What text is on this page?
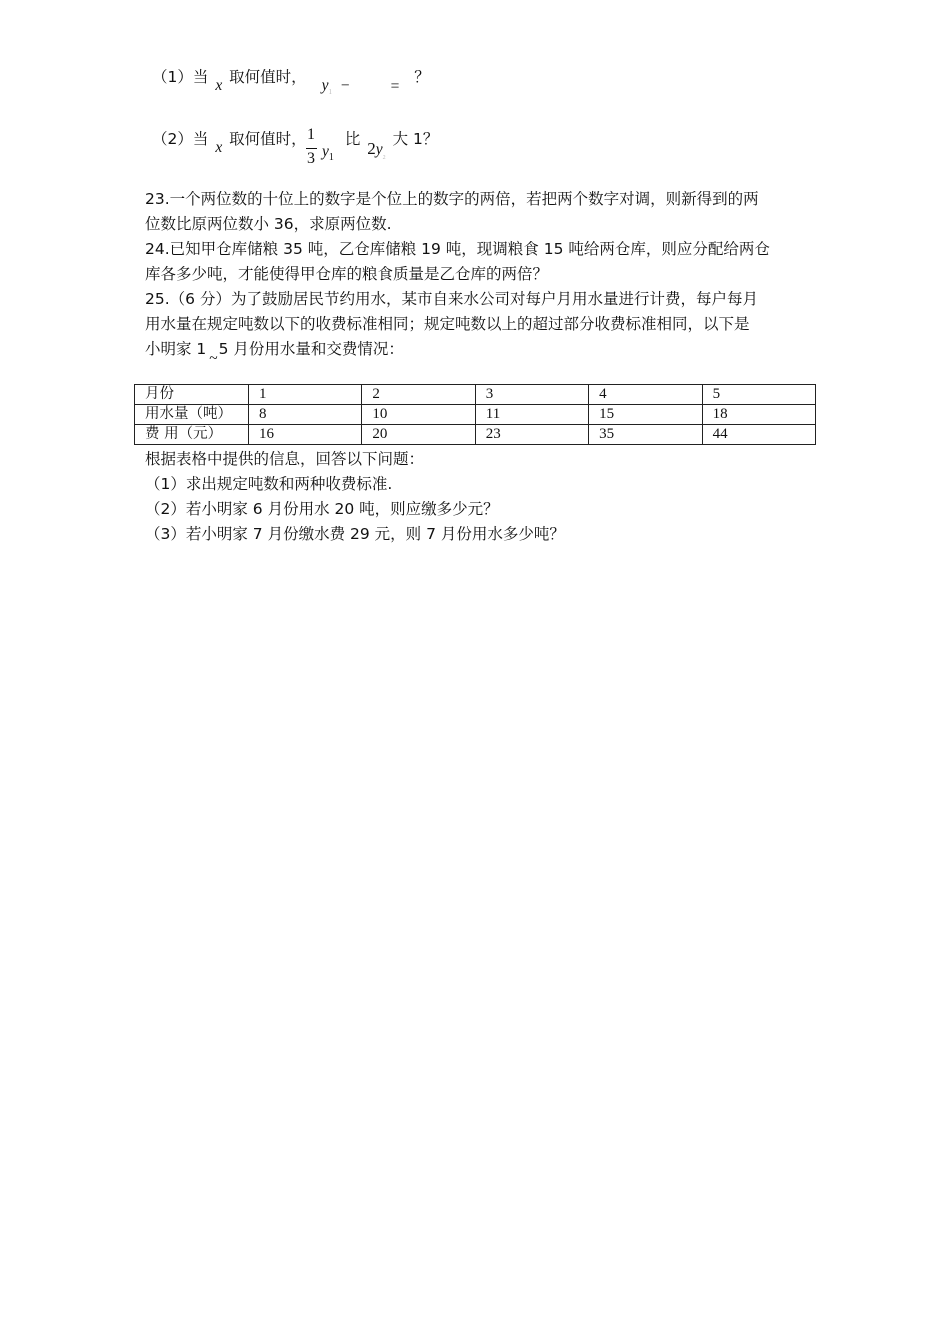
（1）当 x 取何值时， $y_1$ −	= ？
（2）当 x 取何值时， 1
3 $y_1$ 比 $2y_2$ 大 1？
23.一个两位数的十位上的数字是个位上的数字的两倍，若把两个数字对调，则新得到的两
位数比原两位数小 36，求原两位数.
24.已知甲仓库储粮 35 吨，乙仓库储粮 19 吨，现调粮食 15 吨给两仓库，则应分配给两仓
库各多少吨，才能使得甲仓库的粮食质量是乙仓库的两倍？
25.（6 分）为了鼓励居民节约用水，某市自来水公司对每户月用水量进行计费，每户每月
用水量在规定吨数以下的收费标准相同；规定吨数以上的超过部分收费标准相同，以下是
小明家 1 ~ 5 月份用水量和交费情况：
月份	1	2	3	4	5
用水量（吨）	8	10	11	15	18
费 用（元）	16	20	23	35	44
根据表格中提供的信息，回答以下问题：
（1）求出规定吨数和两种收费标准.
（2）若小明家 6 月份用水 20 吨，则应缴多少元？
（3）若小明家 7 月份缴水费 29 元，则 7 月份用水多少吨？
